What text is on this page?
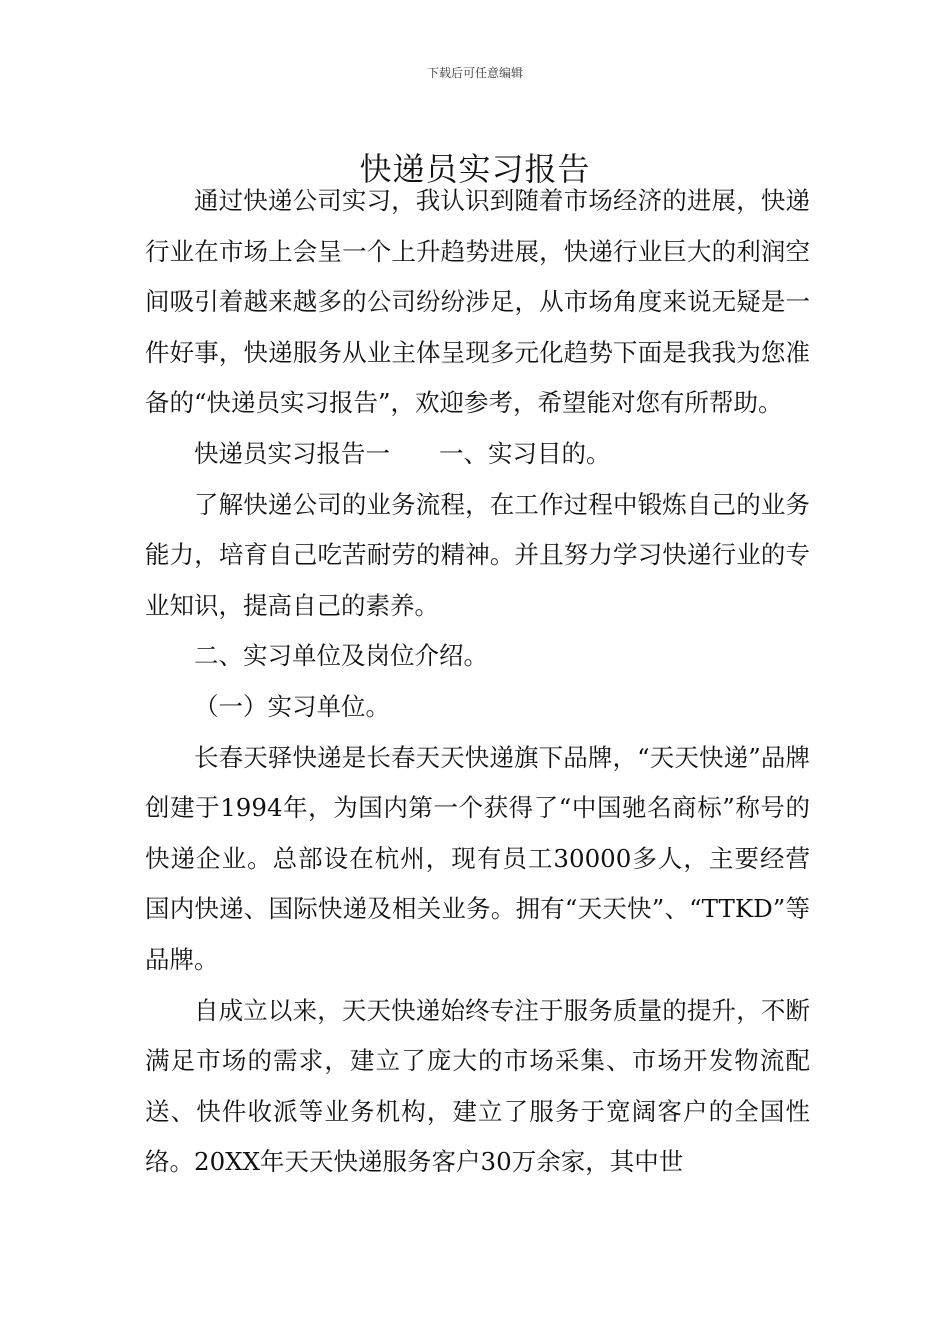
下载后可任意编辑
快递员实习报告

通过快递公司实习，我认识到随着市场经济的进展，快递行业在市场上会呈一个上升趋势进展，快递行业巨大的利润空间吸引着越来越多的公司纷纷涉足，从市场角度来说无疑是一件好事，快递服务从业主体呈现多元化趋势下面是我我为您准备的“快递员实习报告”，欢迎参考，希望能对您有所帮助。

快递员实习报告一　　一、实习目的。

了解快递公司的业务流程，在工作过程中锻炼自己的业务能力，培育自己吃苦耐劳的精神。并且努力学习快递行业的专业知识，提高自己的素养。

二、实习单位及岗位介绍。

（一）实习单位。

长春天驿快递是长春天天快递旗下品牌，“天天快递”品牌创建于1994年，为国内第一个获得了“中国驰名商标”称号的快递企业。总部设在杭州，现有员工30000多人，主要经营国内快递、国际快递及相关业务。拥有“天天快”、“TTKD”等品牌。

自成立以来，天天快递始终专注于服务质量的提升，不断满足市场的需求，建立了庞大的市场采集、市场开发物流配送、快件收派等业务机构，建立了服务于宽阔客户的全国性络。20XX年天天快递服务客户30万余家，其中世
